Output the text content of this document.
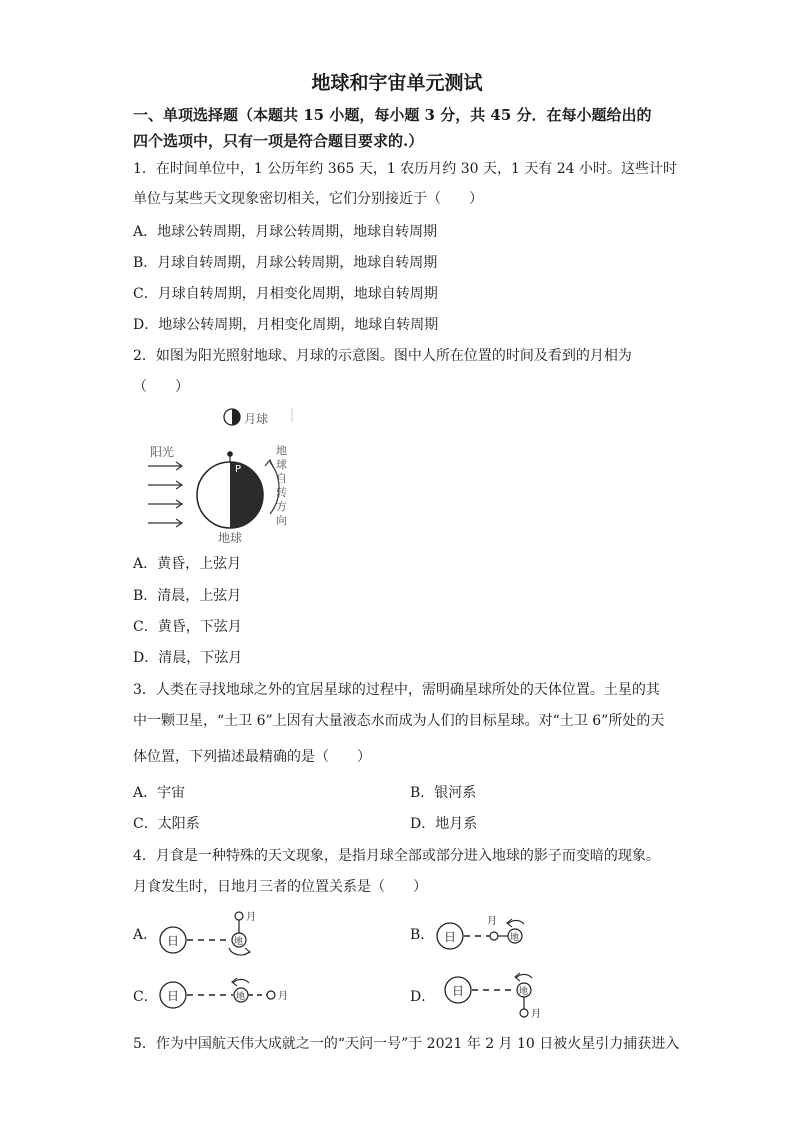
地球和宇宙单元测试
一、单项选择题（本题共 15 小题，每小题 3 分，共 45 分．在每小题给出的
四个选项中，只有一项是符合题目要求的.）
1．在时间单位中，1 公历年约 365 天，1 农历月约 30 天，1 天有 24 小时。这些计时
单位与某些天文现象密切相关，它们分别接近于（　　）
A．地球公转周期，月球公转周期，地球自转周期
B．月球自转周期，月球公转周期，地球自转周期
C．月球自转周期，月相变化周期，地球自转周期
D．地球公转周期，月相变化周期，地球自转周期
2．如图为阳光照射地球、月球的示意图。图中人所在位置的时间及看到的月相为
（　　）
月球
阳光
P
地球
地
球
自
转
方
向
A．黄昏，上弦月
B．清晨，上弦月
C．黄昏，下弦月
D．清晨，下弦月
3．人类在寻找地球之外的宜居星球的过程中，需明确星球所处的天体位置。土星的其
中一颗卫星，“土卫 6”上因有大量液态水而成为人们的目标星球。对“土卫 6”所处的天
体位置，下列描述最精确的是（　　）
A．宇宙	B．银河系
C．太阳系	D．地月系
4．月食是一种特殊的天文现象，是指月球全部或部分进入地球的影子而变暗的现象。
月食发生时，日地月三者的位置关系是（　　）
A． 日	地
月
B． 日
月
地
C． 日	地	月	D． 日	地
月
5．作为中国航天伟大成就之一的“天问一号”于 2021 年 2 月 10 日被火星引力捕获进入
